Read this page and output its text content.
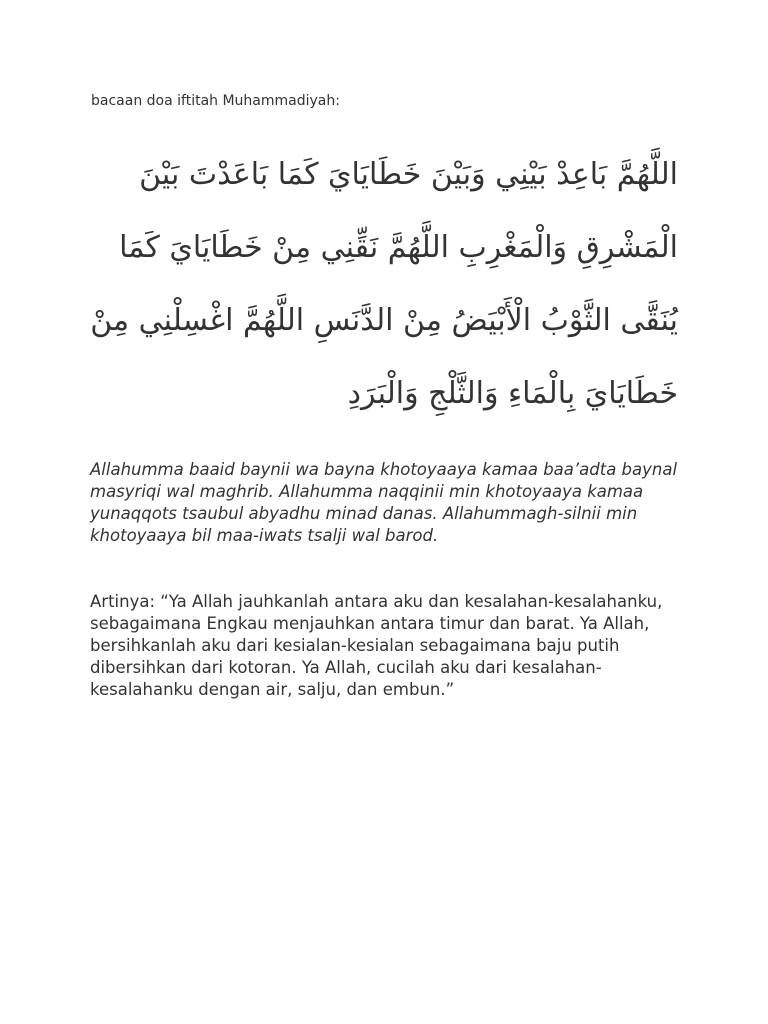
bacaan doa iftitah Muhammadiyah:
اللَّهُمَّ بَاعِدْ بَيْنِي وَبَيْنَ خَطَايَايَ كَمَا بَاعَدْتَ بَيْنَ
الْمَشْرِقِ وَالْمَغْرِبِ اللَّهُمَّ نَقِّنِي مِنْ خَطَايَايَ كَمَا
يُنَقَّى الثَّوْبُ الْأَبْيَضُ مِنْ الدَّنَسِ اللَّهُمَّ اغْسِلْنِي مِنْ
خَطَايَايَ بِالْمَاءِ وَالثَّلْجِ وَالْبَرَدِ
Allahumma baaid baynii wa bayna khotoyaaya kamaa baa’adta baynal masyriqi wal maghrib. Allahumma naqqinii min khotoyaaya kamaa yunaqqots tsaubul abyadhu minad danas. Allahummagh-silnii min khotoyaaya bil maa-iwats tsalji wal barod.
Artinya: “Ya Allah jauhkanlah antara aku dan kesalahan-kesalahanku, sebagaimana Engkau menjauhkan antara timur dan barat. Ya Allah, bersihkanlah aku dari kesialan-kesialan sebagaimana baju putih dibersihkan dari kotoran. Ya Allah, cucilah aku dari kesalahan-kesalahanku dengan air, salju, dan embun.”
